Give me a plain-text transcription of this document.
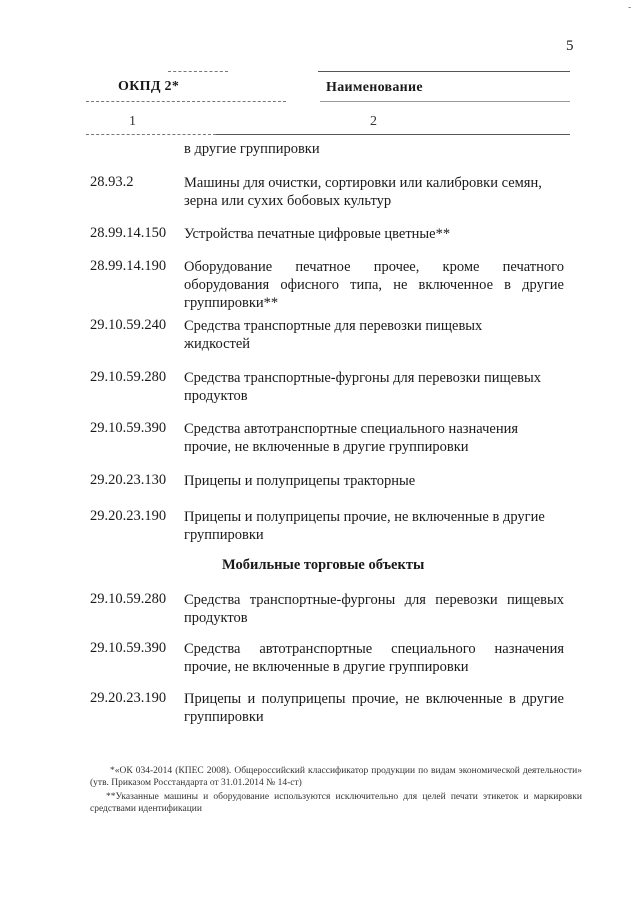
-
5
ОКПД 2*	Наименование
1	2
в другие группировки
28.93.2	Машины для очистки, сортировки или калибровки семян, зерна или сухих бобовых культур
28.99.14.150 Устройства печатные цифровые цветные**
28.99.14.190 Оборудование печатное прочее, кроме печатного оборудования офисного типа, не включенное в другие группировки**
29.10.59.240 Средства транспортные для перевозки пищевых жидкостей
29.10.59.280 Средства транспортные-фургоны для перевозки пищевых продуктов
29.10.59.390 Средства автотранспортные специального назначения прочие, не включенные в другие группировки
29.20.23.130 Прицепы и полуприцепы тракторные
29.20.23.190 Прицепы и полуприцепы прочие, не включенные в другие группировки
Мобильные торговые объекты
29.10.59.280 Средства транспортные-фургоны для перевозки пищевых продуктов
29.10.59.390 Средства автотранспортные специального назначения прочие, не включенные в другие группировки
29.20.23.190 Прицепы и полуприцепы прочие, не включенные в другие группировки
*«ОК 034-2014 (КПЕС 2008). Общероссийский классификатор продукции по видам экономической деятельности» (утв. Приказом Росстандарта от 31.01.2014 № 14-ст)
**Указанные машины и оборудование используются исключительно для целей печати этикеток и маркировки средствами идентификации
